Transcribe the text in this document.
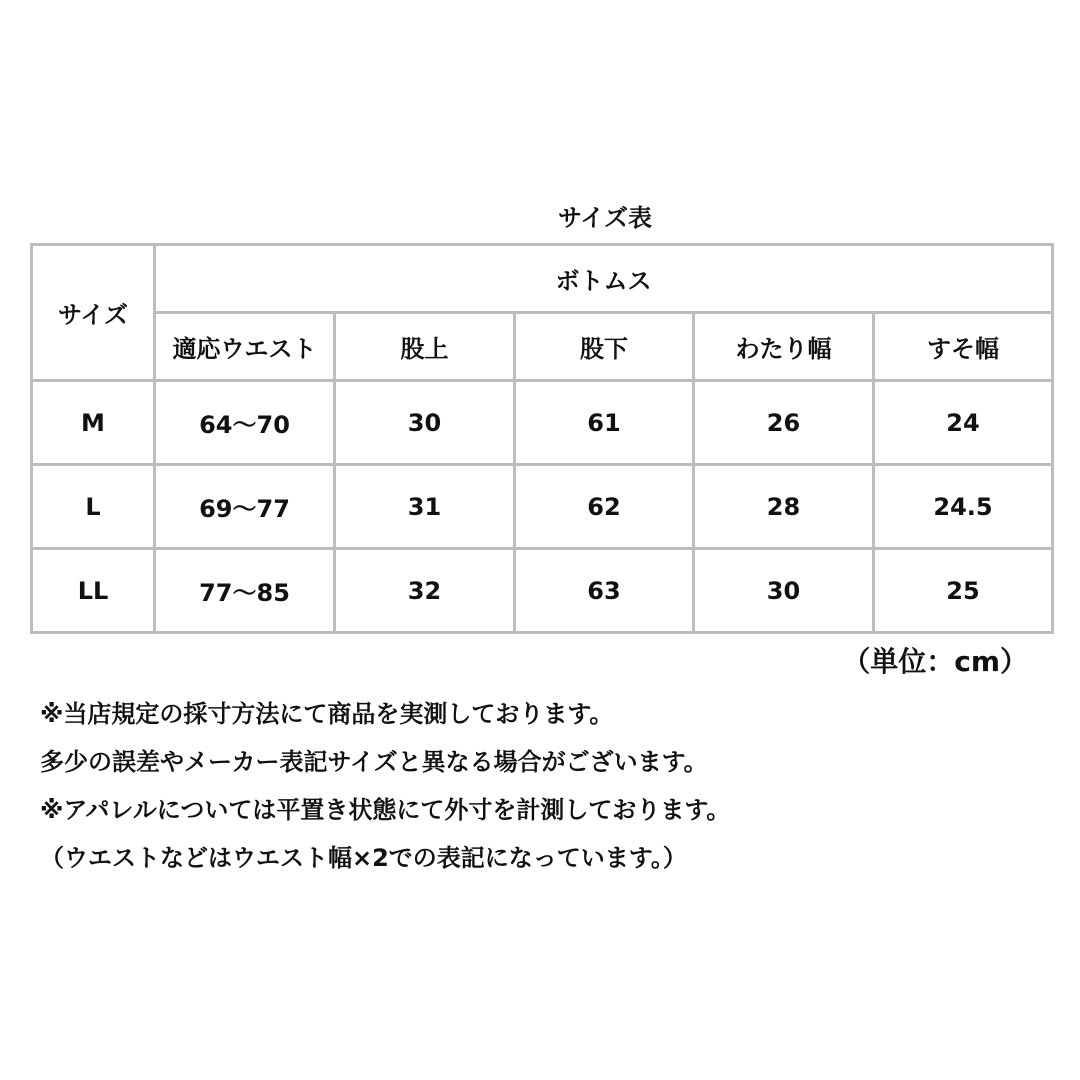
サイズ表
サイズ	ボトムス				
	適応ウエスト	股上	股下	わたり幅	すそ幅
M	64〜70	30	61	26	24
L	69〜77	31	62	28	24.5
LL	77〜85	32	63	30	25
（単位：cm）
※当店規定の採寸方法にて商品を実測しております。
多少の誤差やメーカー表記サイズと異なる場合がございます。
※アパレルについては平置き状態にて外寸を計測しております。
（ウエストなどはウエスト幅×2での表記になっています。）
